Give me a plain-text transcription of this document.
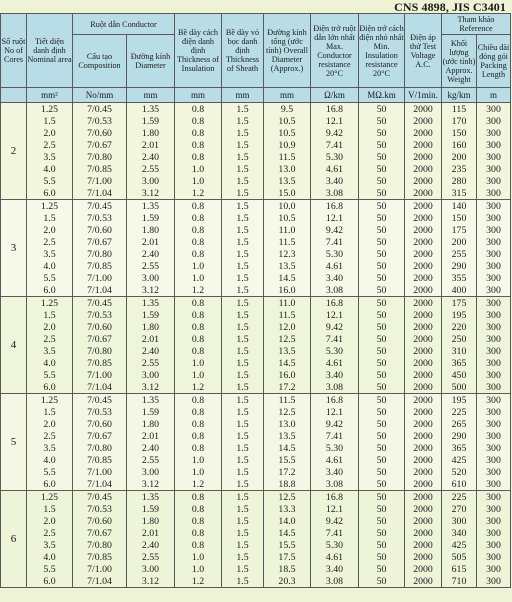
CNS 4898, JIS C3401
Số ruột No of Cores	Tiết diện danh định Nominal area	Ruột dẫn Conductor		Bề dày cách điện danh định Thickness of Insulation	Bề dày vỏ bọc danh định Thickness of Sheath	Đường kính tổng (ước tính) Overall Diameter (Approx.)	Điện trở ruột dẫn lớn nhất Max. Conductor resistance 20°C	Điện trở cách điện nhỏ nhất Min. Insulation resistance 20°C	Điện áp thử Test Voltage A.C.	Tham khảo Reference	
		Cấu tạo Composition	Đường kính Diameter							Khối lượng (ước tính) Approx. Weight	Chiều dài đóng gói Packing Length
	mm²	No/mm	mm	mm	mm	mm	Ω/km	MΩ.km	V/1min.	kg/km	m
2	1.25	7/0.45	1.35	0.8	1.5	9.5	16.8	50	2000	115	300
	1.5	7/0.53	1.59	0.8	1.5	10.5	12.1	50	2000	170	300
	2.0	7/0.60	1.80	0.8	1.5	10.5	9.42	50	2000	150	300
	2.5	7/0.67	2.01	0.8	1.5	10.9	7.41	50	2000	160	300
	3.5	7/0.80	2.40	0.8	1.5	11.5	5.30	50	2000	200	300
	4.0	7/0.85	2.55	1.0	1.5	13.0	4.61	50	2000	235	300
	5.5	7/1.00	3.00	1.0	1.5	13.5	3.40	50	2000	280	300
	6.0	7/1.04	3.12	1.2	1.5	15.0	3.08	50	2000	315	300
3	1.25	7/0.45	1.35	0.8	1.5	10.0	16.8	50	2000	140	300
	1.5	7/0.53	1.59	0.8	1.5	10.5	12.1	50	2000	150	300
	2.0	7/0.60	1.80	0.8	1.5	11.0	9.42	50	2000	175	300
	2.5	7/0.67	2.01	0.8	1.5	11.5	7.41	50	2000	200	300
	3.5	7/0.80	2.40	0.8	1.5	12.3	5.30	50	2000	255	300
	4.0	7/0.85	2.55	1.0	1.5	13.5	4.61	50	2000	290	300
	5.5	7/1.00	3.00	1.0	1.5	14.5	3.40	50	2000	355	300
	6.0	7/1.04	3.12	1.2	1.5	16.0	3.08	50	2000	400	300
4	1.25	7/0.45	1.35	0.8	1.5	11.0	16.8	50	2000	175	300
	1.5	7/0.53	1.59	0.8	1.5	11.5	12.1	50	2000	195	300
	2.0	7/0.60	1.80	0.8	1.5	12.0	9.42	50	2000	220	300
	2.5	7/0.67	2.01	0.8	1.5	12.5	7.41	50	2000	250	300
	3.5	7/0.80	2.40	0.8	1.5	13.5	5.30	50	2000	310	300
	4.0	7/0.85	2.55	1.0	1.5	14.5	4.61	50	2000	365	300
	5.5	7/1.00	3.00	1.0	1.5	16.0	3.40	50	2000	450	300
	6.0	7/1.04	3.12	1.2	1.5	17.2	3.08	50	2000	500	300
5	1.25	7/0.45	1.35	0.8	1.5	11.5	16.8	50	2000	195	300
	1.5	7/0.53	1.59	0.8	1.5	12.5	12.1	50	2000	225	300
	2.0	7/0.60	1.80	0.8	1.5	13.0	9.42	50	2000	265	300
	2.5	7/0.67	2.01	0.8	1.5	13.5	7.41	50	2000	290	300
	3.5	7/0.80	2.40	0.8	1.5	14.5	5.30	50	2000	365	300
	4.0	7/0.85	2.55	1.0	1.5	15.5	4.61	50	2000	425	300
	5.5	7/1.00	3.00	1.0	1.5	17.2	3.40	50	2000	520	300
	6.0	7/1.04	3.12	1.2	1.5	18.8	3.08	50	2000	610	300
6	1.25	7/0.45	1.35	0.8	1.5	12.5	16.8	50	2000	225	300
	1.5	7/0.53	1.59	0.8	1.5	13.3	12.1	50	2000	270	300
	2.0	7/0.60	1.80	0.8	1.5	14.0	9.42	50	2000	300	300
	2.5	7/0.67	2.01	0.8	1.5	14.5	7.41	50	2000	340	300
	3.5	7/0.80	2.40	0.8	1.5	15.5	5.30	50	2000	425	300
	4.0	7/0.85	2.55	1.0	1.5	17.5	4.61	50	2000	505	300
	5.5	7/1.00	3.00	1.0	1.5	18.5	3.40	50	2000	615	300
	6.0	7/1.04	3.12	1.2	1.5	20.3	3.08	50	2000	710	300
